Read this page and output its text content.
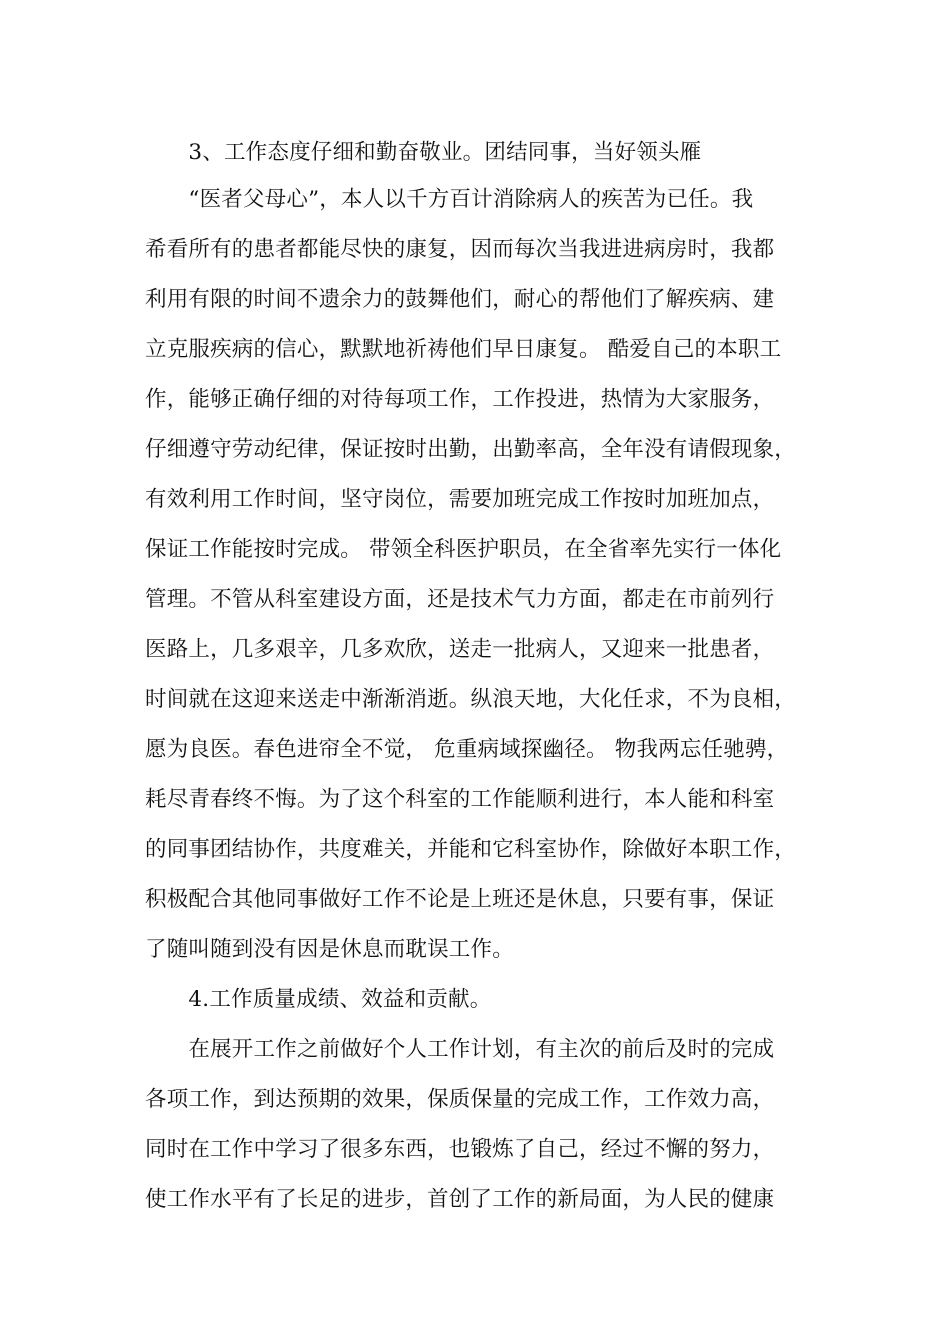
　　3、工作态度仔细和勤奋敬业。团结同事，当好领头雁
　　“医者父母心”，本人以千方百计消除病人的疾苦为已任。我
希看所有的患者都能尽快的康复，因而每次当我进进病房时，我都
利用有限的时间不遗余力的鼓舞他们，耐心的帮他们了解疾病、建
立克服疾病的信心，默默地祈祷他们早日康复。 酷爱自己的本职工
作，能够正确仔细的对待每项工作，工作投进，热情为大家服务，
仔细遵守劳动纪律，保证按时出勤，出勤率高，全年没有请假现象，
有效利用工作时间，坚守岗位，需要加班完成工作按时加班加点，
保证工作能按时完成。 带领全科医护职员，在全省率先实行一体化
管理。不管从科室建设方面，还是技术气力方面，都走在市前列行
医路上，几多艰辛，几多欢欣，送走一批病人，又迎来一批患者，
时间就在这迎来送走中渐渐消逝。纵浪天地，大化任求，不为良相，
愿为良医。春色进帘全不觉， 危重病域探幽径。 物我两忘任驰骋，
耗尽青春终不悔。为了这个科室的工作能顺利进行，本人能和科室
的同事团结协作，共度难关，并能和它科室协作，除做好本职工作，
积极配合其他同事做好工作不论是上班还是休息，只要有事，保证
了随叫随到没有因是休息而耽误工作。
　　4.工作质量成绩、效益和贡献。
　　在展开工作之前做好个人工作计划，有主次的前后及时的完成
各项工作，到达预期的效果，保质保量的完成工作，工作效力高，
同时在工作中学习了很多东西，也锻炼了自己，经过不懈的努力，
使工作水平有了长足的进步，首创了工作的新局面，为人民的健康
